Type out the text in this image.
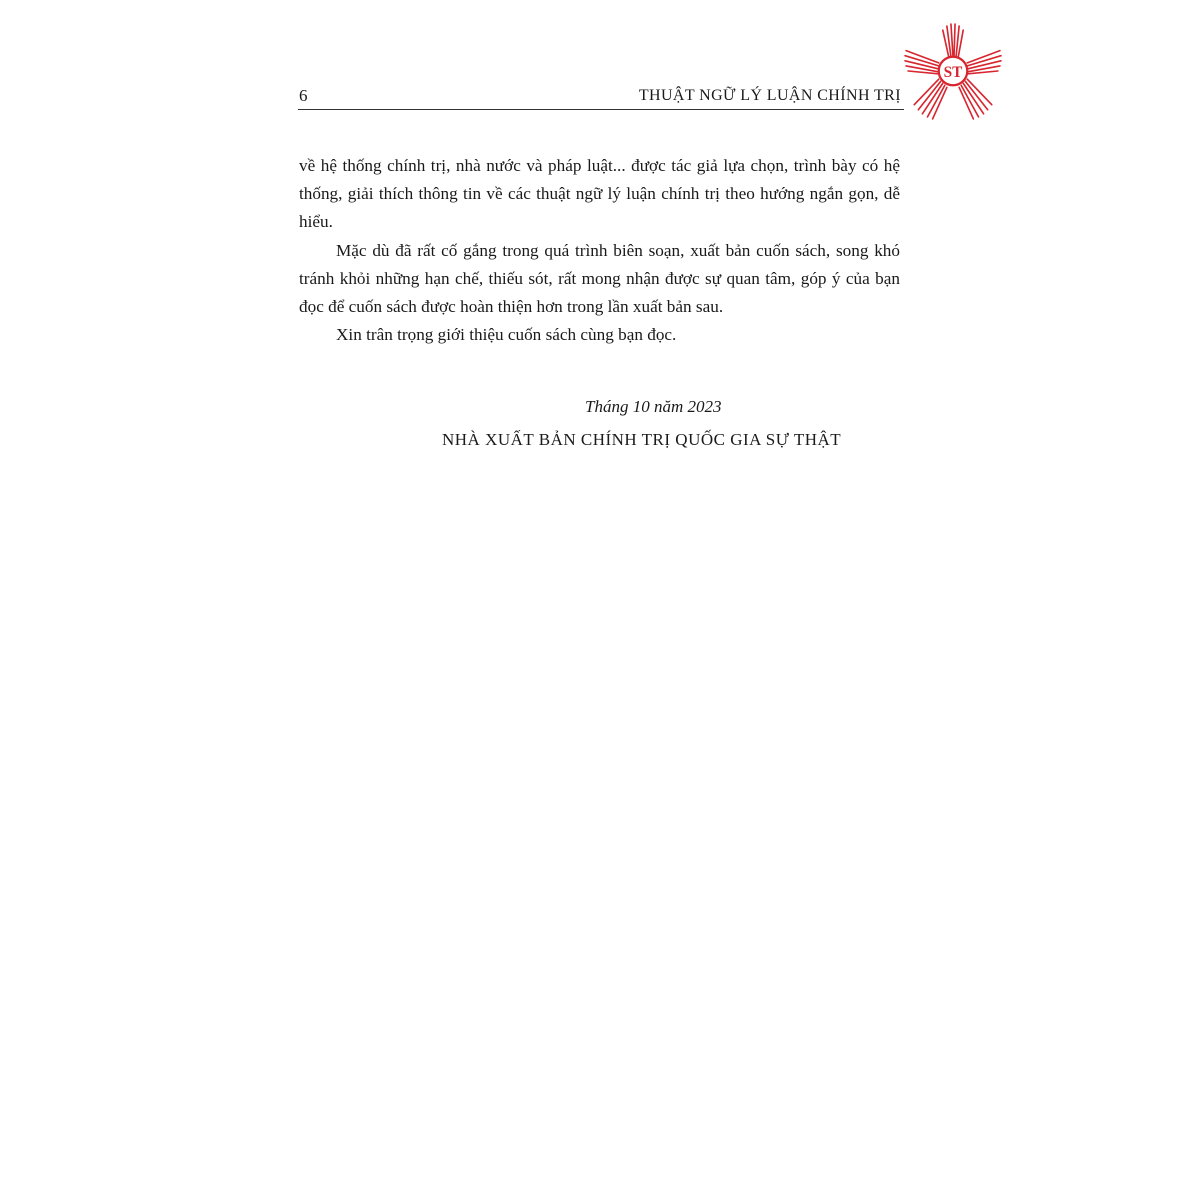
6	THUẬT NGỮ LÝ LUẬN CHÍNH TRỊ
ST

về hệ thống chính trị, nhà nước và pháp luật... được tác giả lựa chọn, trình bày có hệ thống, giải thích thông tin về các thuật ngữ lý luận chính trị theo hướng ngắn gọn, dễ hiểu.

Mặc dù đã rất cố gắng trong quá trình biên soạn, xuất bản cuốn sách, song khó tránh khỏi những hạn chế, thiếu sót, rất mong nhận được sự quan tâm, góp ý của bạn đọc để cuốn sách được hoàn thiện hơn trong lần xuất bản sau.

Xin trân trọng giới thiệu cuốn sách cùng bạn đọc.

Tháng 10 năm 2023
NHÀ XUẤT BẢN CHÍNH TRỊ QUỐC GIA SỰ THẬT
